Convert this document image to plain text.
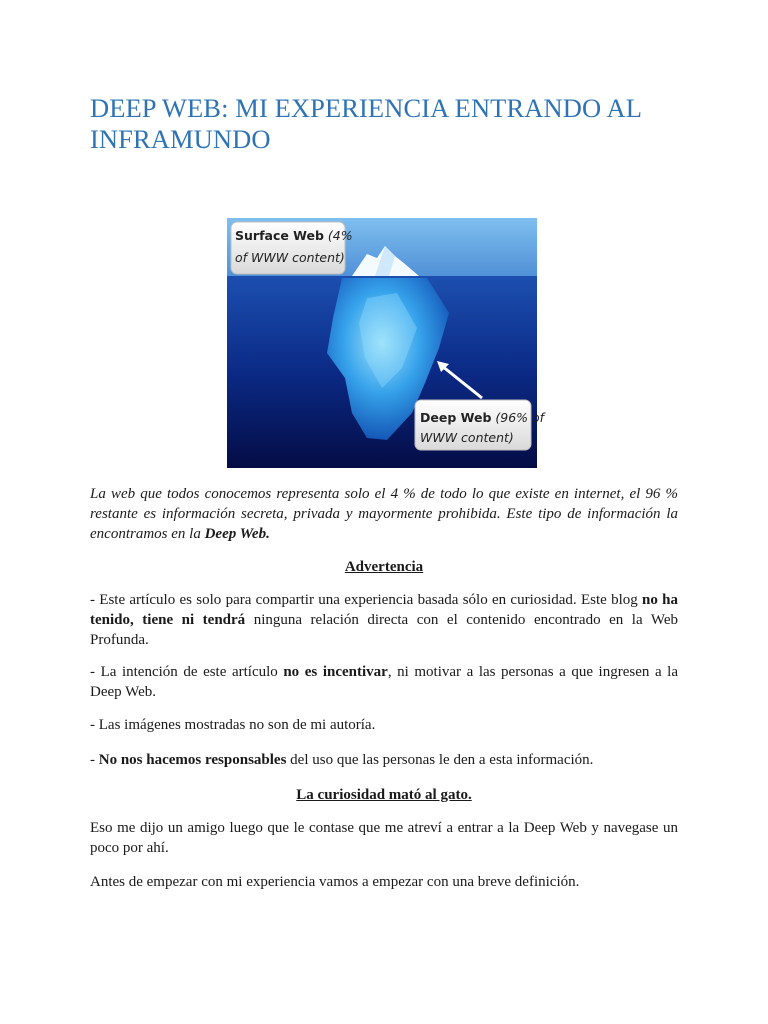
DEEP WEB: MI EXPERIENCIA ENTRANDO AL INFRAMUNDO
Surface Web (4%
of WWW content)
Deep Web (96% of
WWW content)

La web que todos conocemos representa solo el 4 % de todo lo que existe en internet, el 96 % restante es información secreta, privada y mayormente prohibida. Este tipo de información la encontramos en la Deep Web.

Advertencia

- Este artículo es solo para compartir una experiencia basada sólo en curiosidad. Este blog no ha tenido, tiene ni tendrá ninguna relación directa con el contenido encontrado en la Web Profunda.

- La intención de este artículo no es incentivar, ni motivar a las personas a que ingresen a la Deep Web.

- Las imágenes mostradas no son de mi autoría.

- No nos hacemos responsables del uso que las personas le den a esta información.

La curiosidad mató al gato.

Eso me dijo un amigo luego que le contase que me atreví a entrar a la Deep Web y navegase un poco por ahí.

Antes de empezar con mi experiencia vamos a empezar con una breve definición.
